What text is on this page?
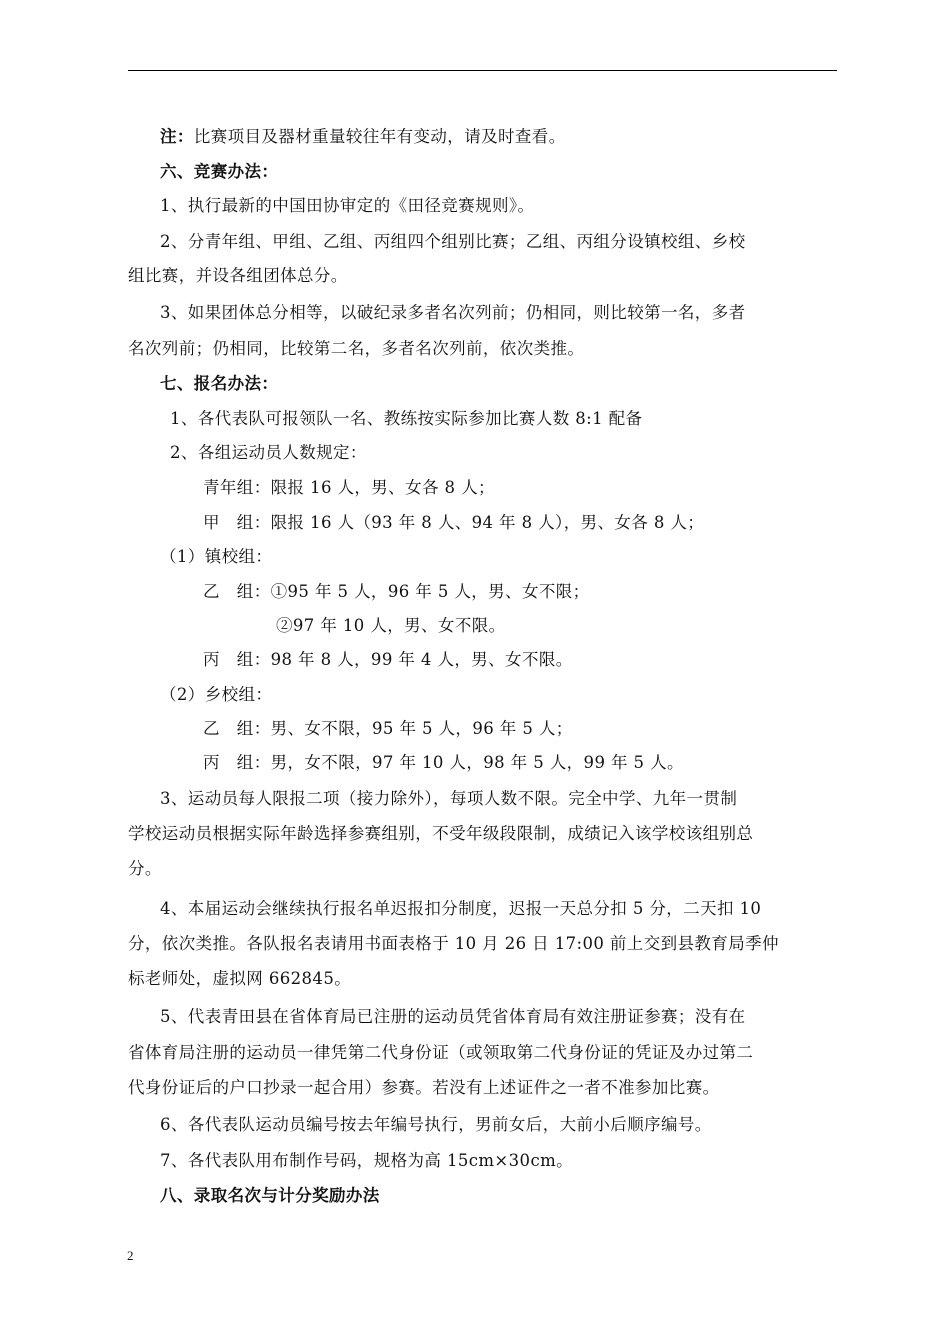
注：比赛项目及器材重量较往年有变动，请及时查看。
六、竞赛办法：
1、执行最新的中国田协审定的《田径竞赛规则》。
2、分青年组、甲组、乙组、丙组四个组别比赛；乙组、丙组分设镇校组、乡校
组比赛，并设各组团体总分。
3、如果团体总分相等，以破纪录多者名次列前；仍相同，则比较第一名，多者
名次列前；仍相同，比较第二名，多者名次列前，依次类推。
七、报名办法：
1、各代表队可报领队一名、教练按实际参加比赛人数 8:1 配备
2、各组运动员人数规定：
青年组：限报 16 人，男、女各 8 人；
甲　组：限报 16 人（93 年 8 人、94 年 8 人），男、女各 8 人；
（1）镇校组：
乙　组：①95 年 5 人，96 年 5 人，男、女不限；
②97 年 10 人，男、女不限。
丙　组：98 年 8 人，99 年 4 人，男、女不限。
（2）乡校组：
乙　组：男、女不限，95 年 5 人，96 年 5 人；
丙　组：男，女不限，97 年 10 人，98 年 5 人，99 年 5 人。
3、运动员每人限报二项（接力除外），每项人数不限。完全中学、九年一贯制
学校运动员根据实际年龄选择参赛组别，不受年级段限制，成绩记入该学校该组别总
分。
4、本届运动会继续执行报名单迟报扣分制度，迟报一天总分扣 5 分，二天扣 10
分，依次类推。各队报名表请用书面表格于 10 月 26 日 17:00 前上交到县教育局季仲
标老师处，虚拟网 662845。
5、代表青田县在省体育局已注册的运动员凭省体育局有效注册证参赛；没有在
省体育局注册的运动员一律凭第二代身份证（或领取第二代身份证的凭证及办过第二
代身份证后的户口抄录一起合用）参赛。若没有上述证件之一者不准参加比赛。
6、各代表队运动员编号按去年编号执行，男前女后，大前小后顺序编号。
7、各代表队用布制作号码，规格为高 15cm×30cm。
八、录取名次与计分奖励办法
2
